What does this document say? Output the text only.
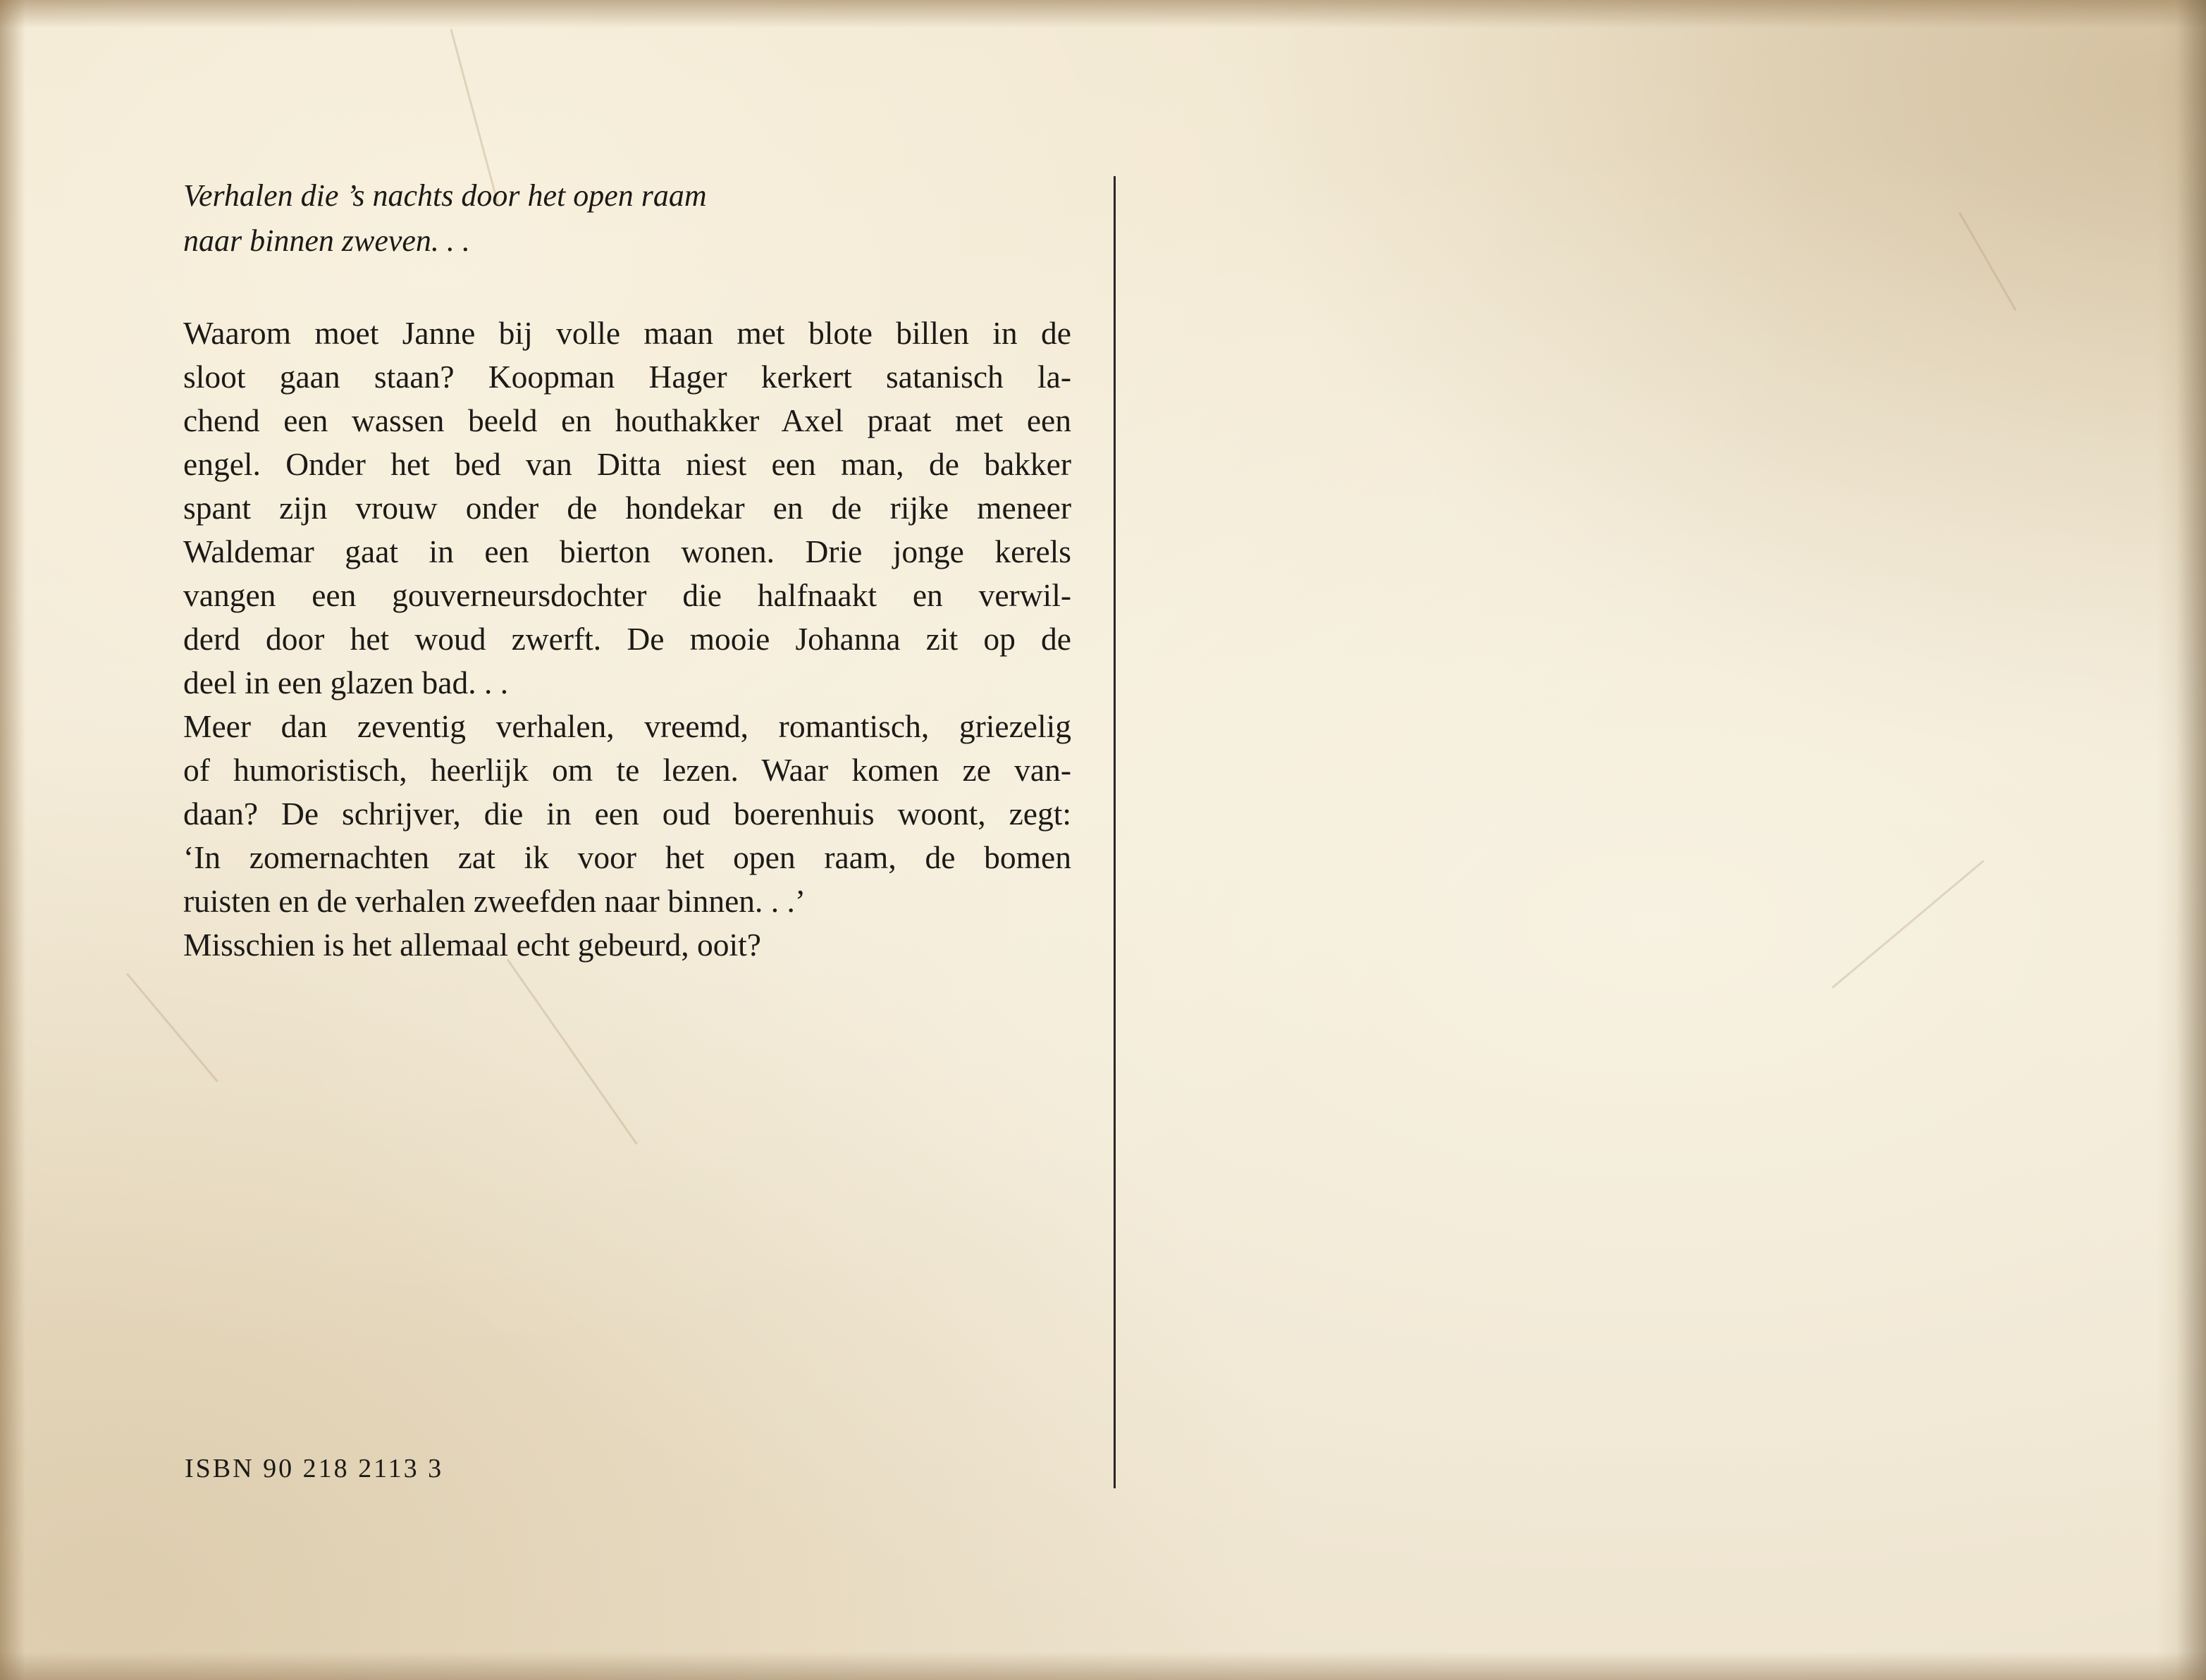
Verhalen die ’s nachts door het open raam
naar binnen zweven. . .

Waarom moet Janne bij volle maan met blote billen in de
sloot gaan staan? Koopman Hager kerkert satanisch la-
chend een wassen beeld en houthakker Axel praat met een
engel. Onder het bed van Ditta niest een man, de bakker
spant zijn vrouw onder de hondekar en de rijke meneer
Waldemar gaat in een bierton wonen. Drie jonge kerels
vangen een gouverneursdochter die halfnaakt en verwil-
derd door het woud zwerft. De mooie Johanna zit op de
deel in een glazen bad. . .
Meer dan zeventig verhalen, vreemd, romantisch, griezelig
of humoristisch, heerlijk om te lezen. Waar komen ze van-
daan? De schrijver, die in een oud boerenhuis woont, zegt:
‘In zomernachten zat ik voor het open raam, de bomen
ruisten en de verhalen zweefden naar binnen. . .’
Misschien is het allemaal echt gebeurd, ooit?
ISBN 90 218 2113 3
